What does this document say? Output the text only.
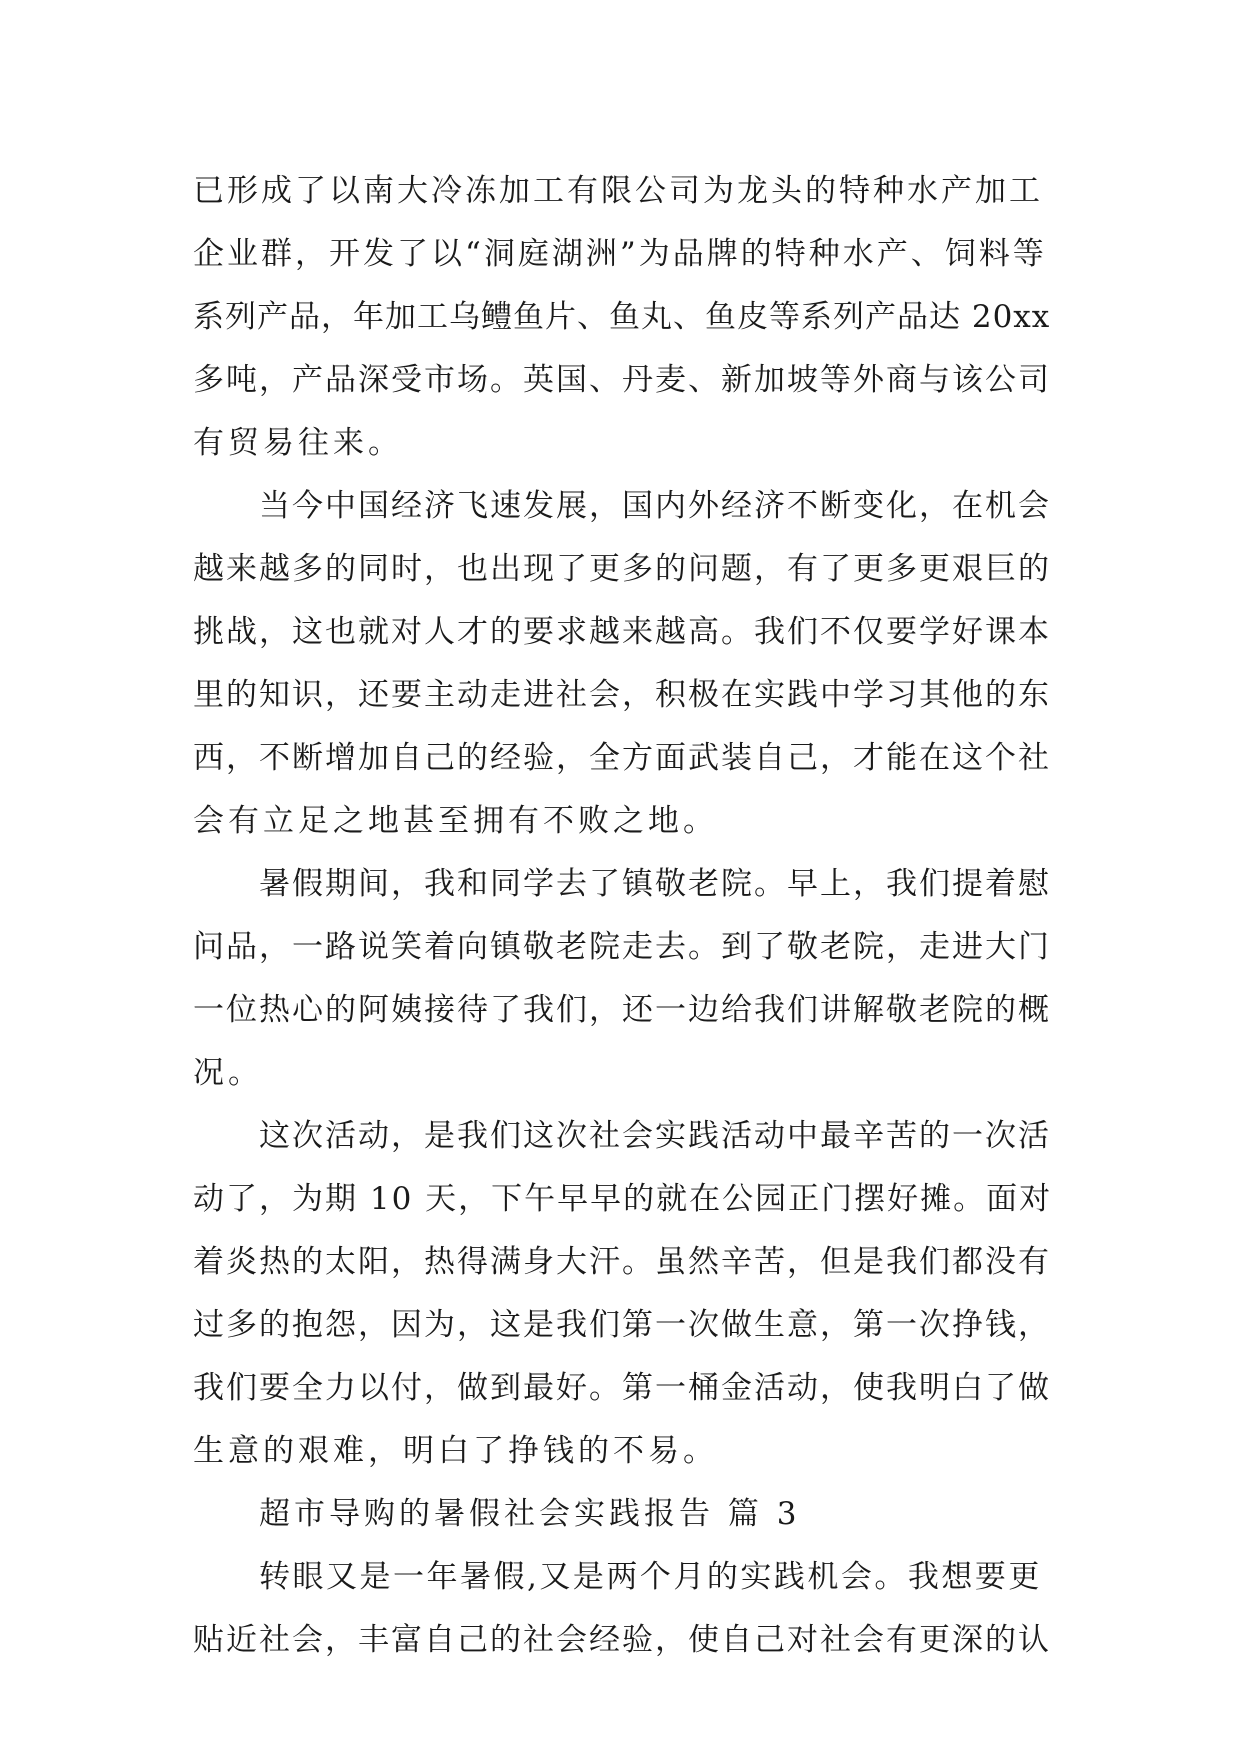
已形成了以南大冷冻加工有限公司为龙头的特种水产加工
企业群，开发了以“洞庭湖洲”为品牌的特种水产、饲料等
系列产品，年加工乌鳢鱼片、鱼丸、鱼皮等系列产品达 20xx
多吨，产品深受市场。英国、丹麦、新加坡等外商与该公司
有贸易往来。
当今中国经济飞速发展，国内外经济不断变化，在机会
越来越多的同时，也出现了更多的问题，有了更多更艰巨的
挑战，这也就对人才的要求越来越高。我们不仅要学好课本
里的知识，还要主动走进社会，积极在实践中学习其他的东
西，不断增加自己的经验，全方面武装自己，才能在这个社
会有立足之地甚至拥有不败之地。
暑假期间，我和同学去了镇敬老院。早上，我们提着慰
问品，一路说笑着向镇敬老院走去。到了敬老院，走进大门
一位热心的阿姨接待了我们，还一边给我们讲解敬老院的概
况。
这次活动，是我们这次社会实践活动中最辛苦的一次活
动了，为期 10 天，下午早早的就在公园正门摆好摊。面对
着炎热的太阳，热得满身大汗。虽然辛苦，但是我们都没有
过多的抱怨，因为，这是我们第一次做生意，第一次挣钱，
我们要全力以付，做到最好。第一桶金活动，使我明白了做
生意的艰难，明白了挣钱的不易。
超市导购的暑假社会实践报告 篇 3
转眼又是一年暑假,又是两个月的实践机会。我想要更
贴近社会，丰富自己的社会经验，使自己对社会有更深的认
